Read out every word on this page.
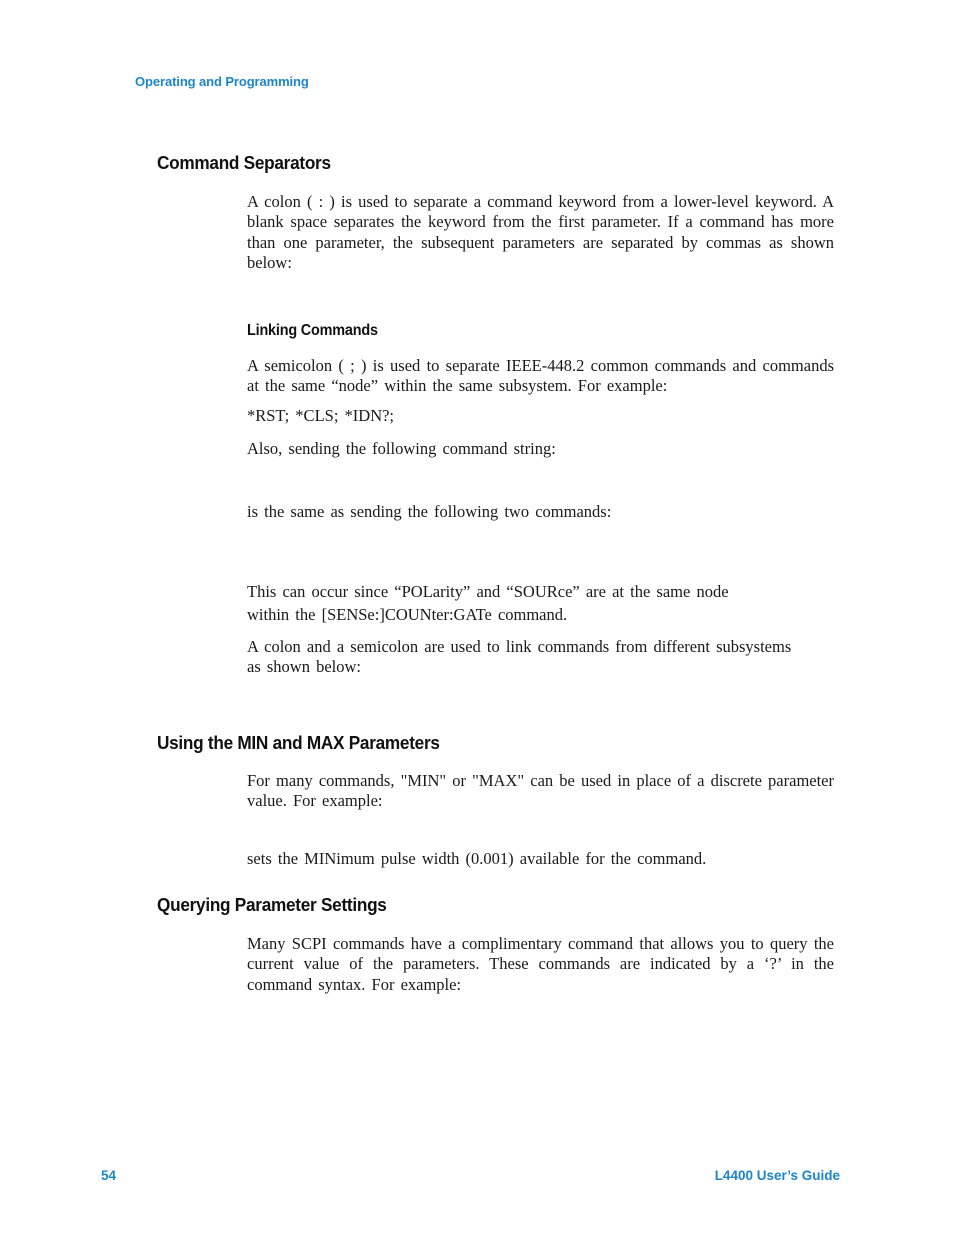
Operating and Programming
Command Separators
A colon ( : ) is used to separate a command keyword from a lower-level keyword. A blank space separates the keyword from the first parameter. If a command has more than one parameter, the subsequent parameters are separated by commas as shown below:
Linking Commands
A semicolon ( ; ) is used to separate IEEE-448.2 common commands and commands at the same “node” within the same subsystem. For example:
*RST; *CLS; *IDN?;
Also, sending the following command string:
is the same as sending the following two commands:
This can occur since “POLarity” and “SOURce” are at the same node
within the [SENSe:]COUNter:GATe command.
A colon and a semicolon are used to link commands from different subsystems as shown below:
Using the MIN and MAX Parameters
For many commands, "MIN" or "MAX" can be used in place of a discrete parameter value. For example:
sets the MINimum pulse width (0.001) available for the command.
Querying Parameter Settings
Many SCPI commands have a complimentary command that allows you to query the current value of the parameters. These commands are indicated by a ‘?’ in the command syntax. For example:
54	L4400 User’s Guide
